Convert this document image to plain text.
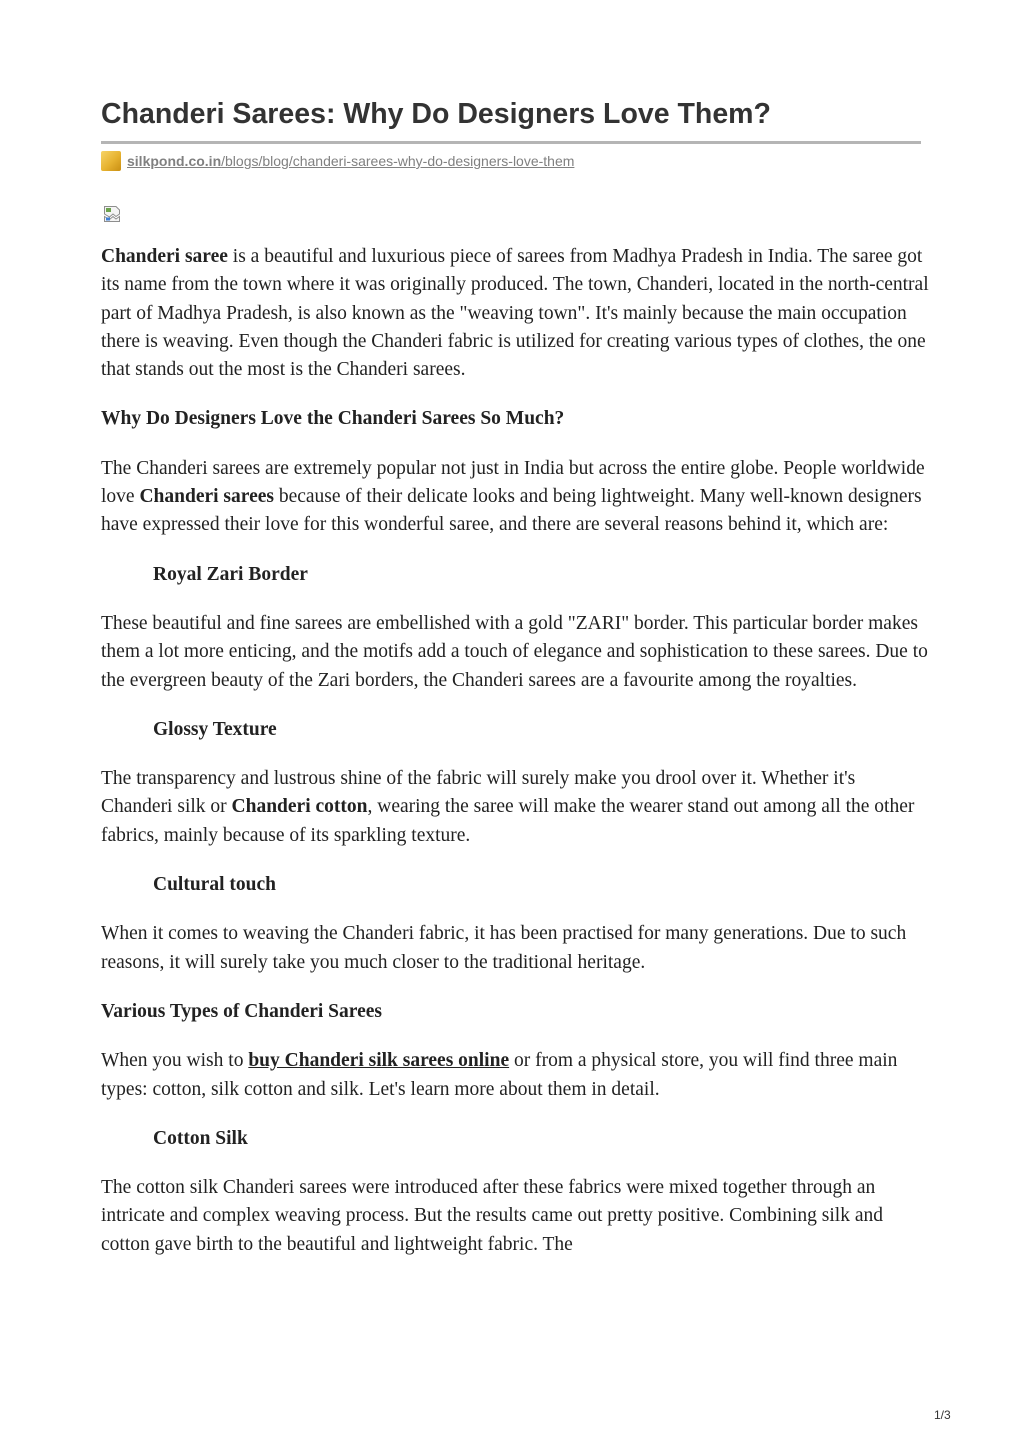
Chanderi Sarees: Why Do Designers Love Them?
silkpond.co.in/blogs/blog/chanderi-sarees-why-do-designers-love-them

Chanderi saree is a beautiful and luxurious piece of sarees from Madhya Pradesh in India. The saree got its name from the town where it was originally produced. The town, Chanderi, located in the north-central part of Madhya Pradesh, is also known as the "weaving town". It's mainly because the main occupation there is weaving. Even though the Chanderi fabric is utilized for creating various types of clothes, the one that stands out the most is the Chanderi sarees.

Why Do Designers Love the Chanderi Sarees So Much?

The Chanderi sarees are extremely popular not just in India but across the entire globe. People worldwide love Chanderi sarees because of their delicate looks and being lightweight. Many well-known designers have expressed their love for this wonderful saree, and there are several reasons behind it, which are:

Royal Zari Border

These beautiful and fine sarees are embellished with a gold "ZARI" border. This particular border makes them a lot more enticing, and the motifs add a touch of elegance and sophistication to these sarees. Due to the evergreen beauty of the Zari borders, the Chanderi sarees are a favourite among the royalties.

Glossy Texture

The transparency and lustrous shine of the fabric will surely make you drool over it. Whether it's Chanderi silk or Chanderi cotton, wearing the saree will make the wearer stand out among all the other fabrics, mainly because of its sparkling texture.

Cultural touch

When it comes to weaving the Chanderi fabric, it has been practised for many generations. Due to such reasons, it will surely take you much closer to the traditional heritage.

Various Types of Chanderi Sarees

When you wish to buy Chanderi silk sarees online or from a physical store, you will find three main types: cotton, silk cotton and silk. Let's learn more about them in detail.

Cotton Silk

The cotton silk Chanderi sarees were introduced after these fabrics were mixed together through an intricate and complex weaving process. But the results came out pretty positive. Combining silk and cotton gave birth to the beautiful and lightweight fabric. The

1/3
